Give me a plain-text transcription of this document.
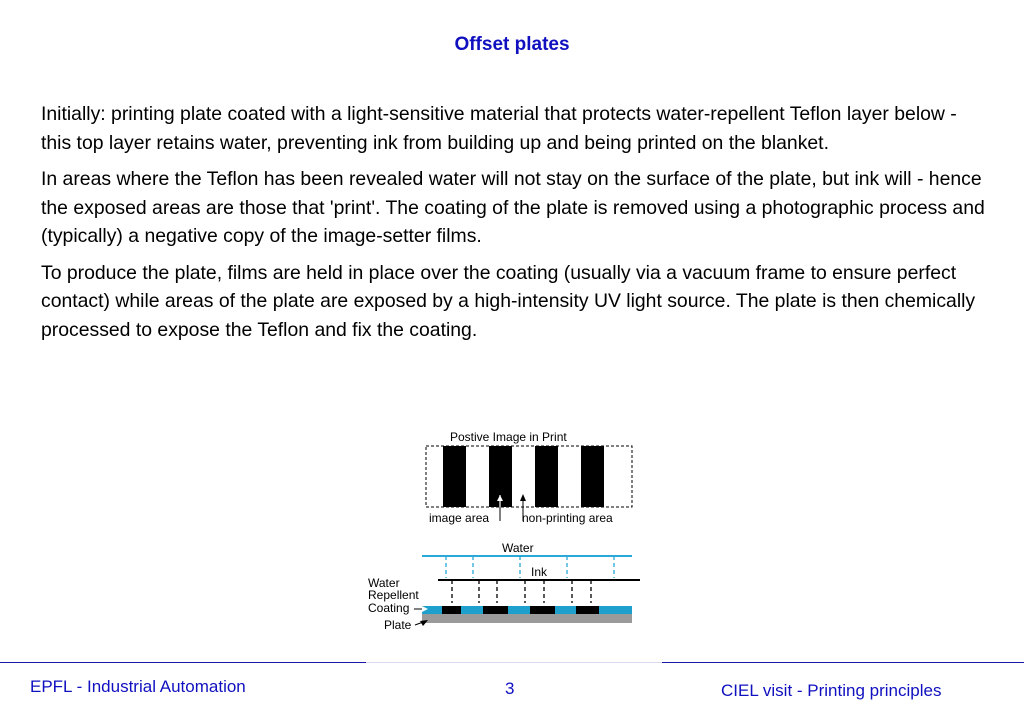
Offset plates

Initially: printing plate coated with a light-sensitive material that protects water-repellent Teflon layer below - this top layer retains water, preventing ink from building up and being printed on the blanket.

In areas where the Teflon has been revealed water will not stay on the surface of the plate, but ink will - hence the exposed areas are those that 'print'. The coating of the plate is removed using a photographic process and (typically) a negative copy of the image-setter films.

To produce the plate, films are held in place over the coating (usually via a vacuum frame to ensure perfect contact) while areas of the plate are exposed by a high-intensity UV light source. The plate is then chemically processed to expose the Teflon and fix the coating.

Postive Image in Print
image area	non-printing area
Water
Ink
Water
Repellent
Coating
Plate
EPFL - Industrial Automation	3	CIEL visit - Printing principles
